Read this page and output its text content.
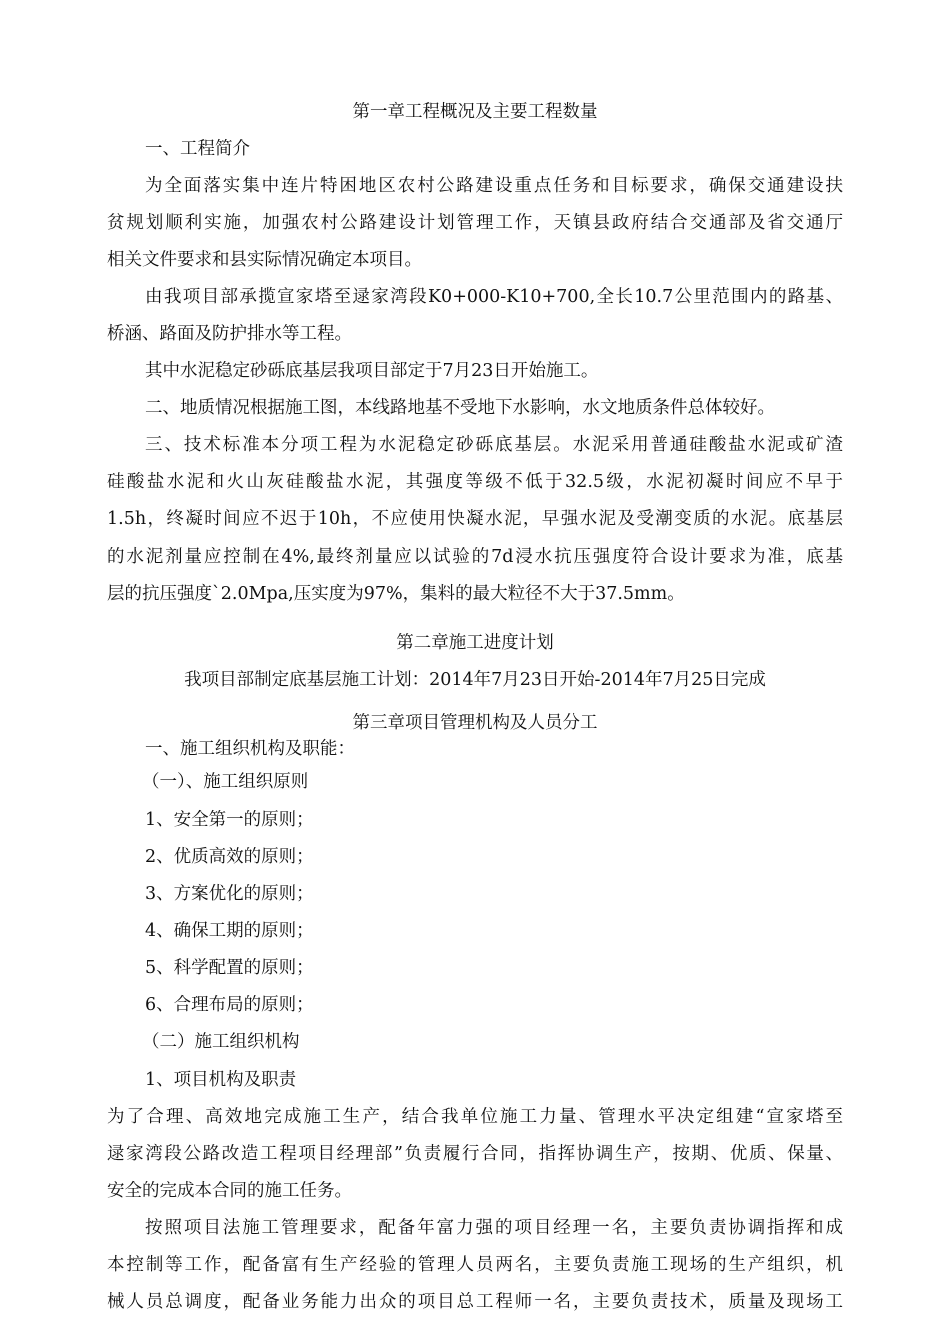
第一章工程概况及主要工程数量

一、工程简介

为全面落实集中连片特困地区农村公路建设重点任务和目标要求，确保交通建设扶

贫规划顺利实施，加强农村公路建设计划管理工作，天镇县政府结合交通部及省交通厅

相关文件要求和县实际情况确定本项目。

由我项目部承揽宣家塔至逯家湾段K0+000-K10+700,全长10.7公里范围内的路基、

桥涵、路面及防护排水等工程。

其中水泥稳定砂砾底基层我项目部定于7月23日开始施工。

二、地质情况根据施工图，本线路地基不受地下水影响，水文地质条件总体较好。

三、技术标准本分项工程为水泥稳定砂砾底基层。水泥采用普通硅酸盐水泥或矿渣

硅酸盐水泥和火山灰硅酸盐水泥，其强度等级不低于32.5级，水泥初凝时间应不早于

1.5h，终凝时间应不迟于10h，不应使用快凝水泥，早强水泥及受潮变质的水泥。底基层

的水泥剂量应控制在4%,最终剂量应以试验的7d浸水抗压强度符合设计要求为准，底基

层的抗压强度`2.0Mpa,压实度为97%，集料的最大粒径不大于37.5mm。

第二章施工进度计划

我项目部制定底基层施工计划：2014年7月23日开始-2014年7月25日完成

第三章项目管理机构及人员分工

一、施工组织机构及职能：

（一）、施工组织原则

1、安全第一的原则；

2、优质高效的原则；

3、方案优化的原则；

4、确保工期的原则；

5、科学配置的原则；

6、合理布局的原则；

（二）施工组织机构

1、项目机构及职责

为了合理、高效地完成施工生产，结合我单位施工力量、管理水平决定组建“宣家塔至

逯家湾段公路改造工程项目经理部”负责履行合同，指挥协调生产，按期、优质、保量、

安全的完成本合同的施工任务。

按照项目法施工管理要求，配备年富力强的项目经理一名，主要负责协调指挥和成

本控制等工作，配备富有生产经验的管理人员两名，主要负责施工现场的生产组织，机

械人员总调度，配备业务能力出众的项目总工程师一名，主要负责技术，质量及现场工
